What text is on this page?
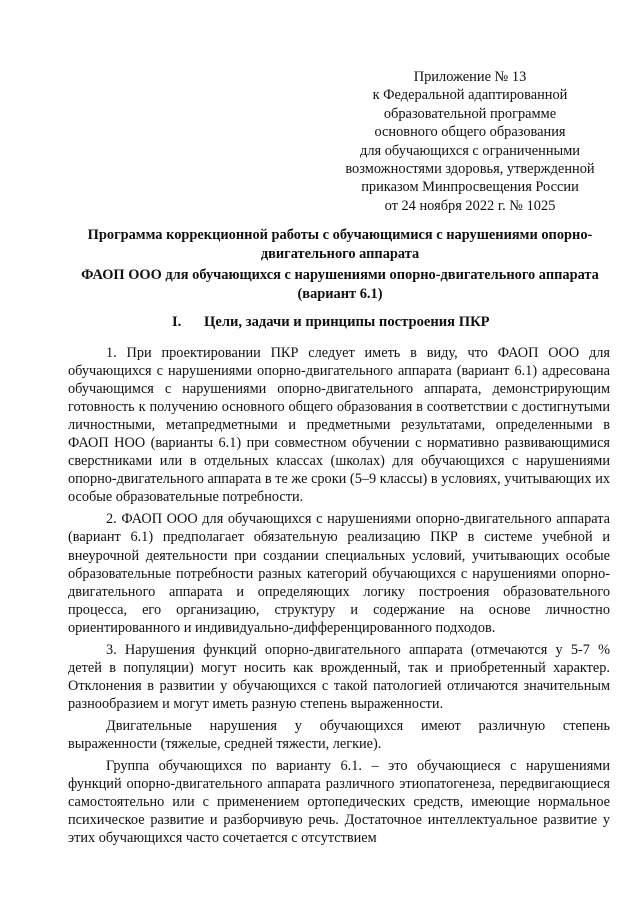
Приложение № 13
к Федеральной адаптированной
образовательной программе
основного общего образования
для обучающихся с ограниченными
возможностями здоровья, утвержденной
приказом Минпросвещения России
от 24 ноября 2022 г. № 1025
Программа коррекционной работы с обучающимися с нарушениями опорно-
двигательного аппарата
ФАОП ООО для обучающихся с нарушениями опорно-двигательного аппарата
(вариант 6.1)
I. Цели, задачи и принципы построения ПКР

1. При проектировании ПКР следует иметь в виду, что ФАОП ООО для обучающихся с нарушениями опорно-двигательного аппарата (вариант 6.1) адресована обучающимся с нарушениями опорно-двигательного аппарата, демонстрирующим готовность к получению основного общего образования в соответствии с достигнутыми личностными, метапредметными и предметными результатами, определенными в ФАОП НОО (варианты 6.1) при совместном обучении с нормативно развивающимися сверстниками или в отдельных классах (школах) для обучающихся с нарушениями опорно-двигательного аппарата в те же сроки (5–9 классы) в условиях, учитывающих их особые образовательные потребности.

2. ФАОП ООО для обучающихся с нарушениями опорно-двигательного аппарата (вариант 6.1) предполагает обязательную реализацию ПКР в системе учебной и внеурочной деятельности при создании специальных условий, учитывающих особые образовательные потребности разных категорий обучающихся с нарушениями опорно-двигательного аппарата и определяющих логику построения образовательного процесса, его организацию, структуру и содержание на основе личностно ориентированного и индивидуально-дифференцированного подходов.

3. Нарушения функций опорно-двигательного аппарата (отмечаются у 5-7 % детей в популяции) могут носить как врожденный, так и приобретенный характер. Отклонения в развитии у обучающихся с такой патологией отличаются значительным разнообразием и могут иметь разную степень выраженности.

Двигательные нарушения у обучающихся имеют различную степень выраженности (тяжелые, средней тяжести, легкие).

Группа обучающихся по варианту 6.1. – это обучающиеся с нарушениями функций опорно-двигательного аппарата различного этиопатогенеза, передвигающиеся самостоятельно или с применением ортопедических средств, имеющие нормальное психическое развитие и разборчивую речь. Достаточное интеллектуальное развитие у этих обучающихся часто сочетается с отсутствием
